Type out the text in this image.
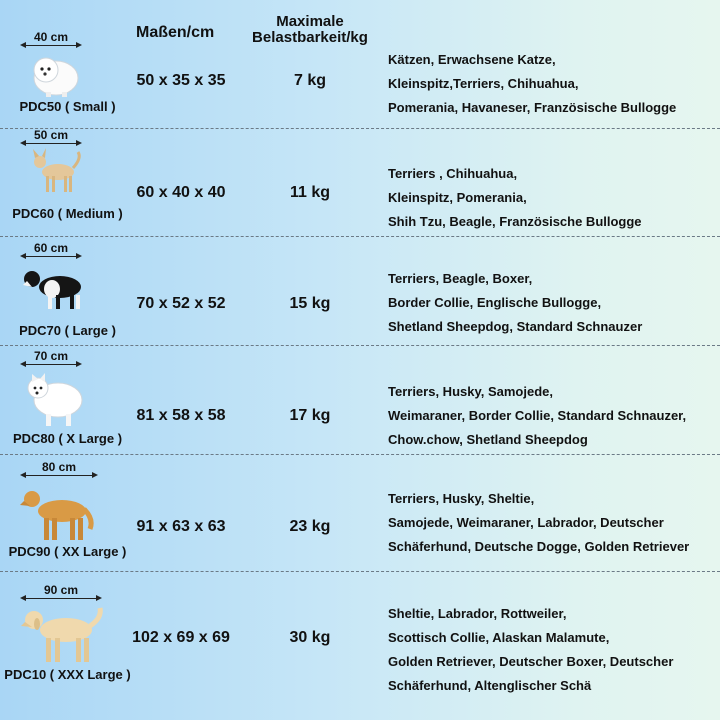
Maßen/cm
Maximale
Belastbarkeit/kg
40 cm
PDC50 ( Small )
50 x 35 x 35	7 kg
Kätzen, Erwachsene Katze,
Kleinspitz,Terriers, Chihuahua,
Pomerania, Havaneser, Französische Bullogge
50 cm
PDC60 ( Medium )
60 x 40 x 40	11 kg
Terriers , Chihuahua,
Kleinspitz, Pomerania,
Shih Tzu, Beagle, Französische Bullogge
60 cm
PDC70 ( Large )
70 x 52 x 52	15 kg
Terriers, Beagle, Boxer,
Border Collie, Englische Bullogge,
Shetland Sheepdog, Standard Schnauzer
70 cm
PDC80 ( X Large )
81 x 58 x 58	17 kg
Terriers, Husky, Samojede,
Weimaraner, Border Collie, Standard Schnauzer,
Chow.chow, Shetland Sheepdog
80 cm
PDC90 ( XX Large )
91 x 63 x 63	23 kg
Terriers, Husky, Sheltie,
Samojede, Weimaraner, Labrador, Deutscher
Schäferhund, Deutsche Dogge, Golden Retriever
90 cm
PDC10 ( XXX Large )
102 x 69 x 69	30 kg
Sheltie, Labrador, Rottweiler,
Scottisch Collie, Alaskan Malamute,
Golden Retriever, Deutscher Boxer, Deutscher
Schäferhund, Altenglischer Schä
